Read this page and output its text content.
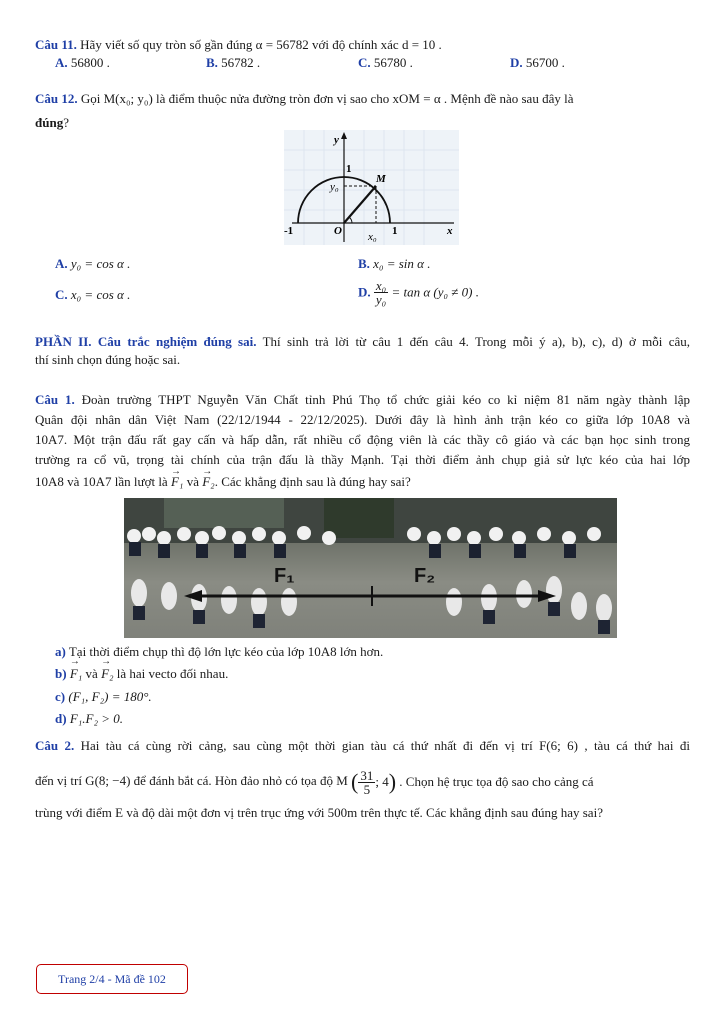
Câu 11. Hãy viết số quy tròn số gần đúng α = 56782 với độ chính xác d = 10 .
A. 56800 .	B. 56782 .	C. 56780 .	D. 56700 .
Câu 12. Gọi M(x₀; y₀) là điểm thuộc nửa đường tròn đơn vị sao cho xOM = α . Mệnh đề nào sau đây là
đúng?
y
x
1
y₀
M
-1	O x₀ 1
A. y₀ = cos α .	B. x₀ = sin α .
C. x₀ = cos α .	D. $\frac{\text{x₀}}{\text{y₀}} = \tan \alpha$ (y₀ ≠ 0) .
PHẦN II. Câu trắc nghiệm đúng sai. Thí sinh trả lời từ câu 1 đến câu 4. Trong mỗi ý a), b), c), d) ở mỗi câu,
thí sinh chọn đúng hoặc sai.
Câu 1. Đoàn trường THPT Nguyễn Văn Chất tỉnh Phú Thọ tổ chức giải kéo co kỉ niệm 81 năm ngày thành lập
Quân đội nhân dân Việt Nam (22/12/1944 - 22/12/2025). Dưới đây là hình ảnh trận kéo co giữa lớp 10A8 và
10A7. Một trận đấu rất gay cấn và hấp dẫn, rất nhiều cổ động viên là các thầy cô giáo và các bạn học sinh trong
trường ra cổ vũ, trọng tài chính của trận đấu là thầy Mạnh. Tại thời điểm ảnh chụp giả sử lực kéo của hai lớp
10A8 và 10A7 lần lượt là → F₁ và → F₂. Các khẳng định sau là đúng hay sai?
F₁	F₂
a) Tại thời điểm chụp thì độ lớn lực kéo của lớp 10A8 lớn hơn.
b) → F₁ và → F₂ là hai vecto đối nhau.
c) (F₁, F₂) = 180°.
d) F₁.F₂ > 0.
Câu 2. Hai tàu cá cùng rời cảng, sau cùng một thời gian tàu cá thứ nhất đi đến vị trí F(6; 6) , tàu cá thứ hai đi
đến vị trí G(8; −4) để đánh bắt cá. Hòn đảo nhỏ có tọa độ M ( $\frac{31}{5}$ ; 4) . Chọn hệ trục tọa độ sao cho cảng cá
trùng với điểm E và độ dài một đơn vị trên trục ứng với 500m trên thực tế. Các khẳng định sau đúng hay sai?
Trang 2/4 - Mã đề 102
